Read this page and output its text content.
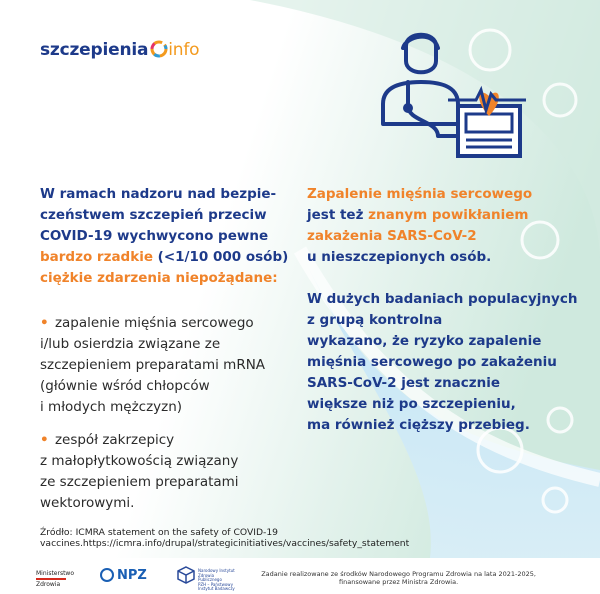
szczepienia info
W ramach nadzoru nad bezpie-
czeństwem szczepień przeciw
COVID-19 wychwycono pewne
bardzo rzadkie (<1/10 000 osób)
ciężkie zdarzenia niepożądane:
• zapalenie mięśnia sercowego
i/lub osierdzia związane ze
szczepieniem preparatami mRNA
(głównie wśród chłopców
i młodych mężczyzn)
• zespół zakrzepicy
z małopłytkowością związany
ze szczepieniem preparatami
wektorowymi.
Zapalenie mięśnia sercowego
jest też znanym powikłaniem
zakażenia SARS-CoV-2
u nieszczepionych osób.
W dużych badaniach populacyjnych
z grupą kontrolna
wykazano, że ryzyko zapalenie
mięśnia sercowego po zakażeniu
SARS-CoV-2 jest znacznie
większe niż po szczepieniu,
ma również cięższy przebieg.
Źródło: ICMRA statement on the safety of COVID-19 vaccines.https://icmra.info/drupal/strategicinitiatives/vaccines/safety_statement
Ministerstwo
Zdrowia
NPZ	Narodowy Instytut
Zdrowia Publicznego
PZH – Państwowy
Instytut Badawczy
Zadanie realizowane ze środków Narodowego Programu Zdrowia na lata 2021-2025,
finansowane przez Ministra Zdrowia.
